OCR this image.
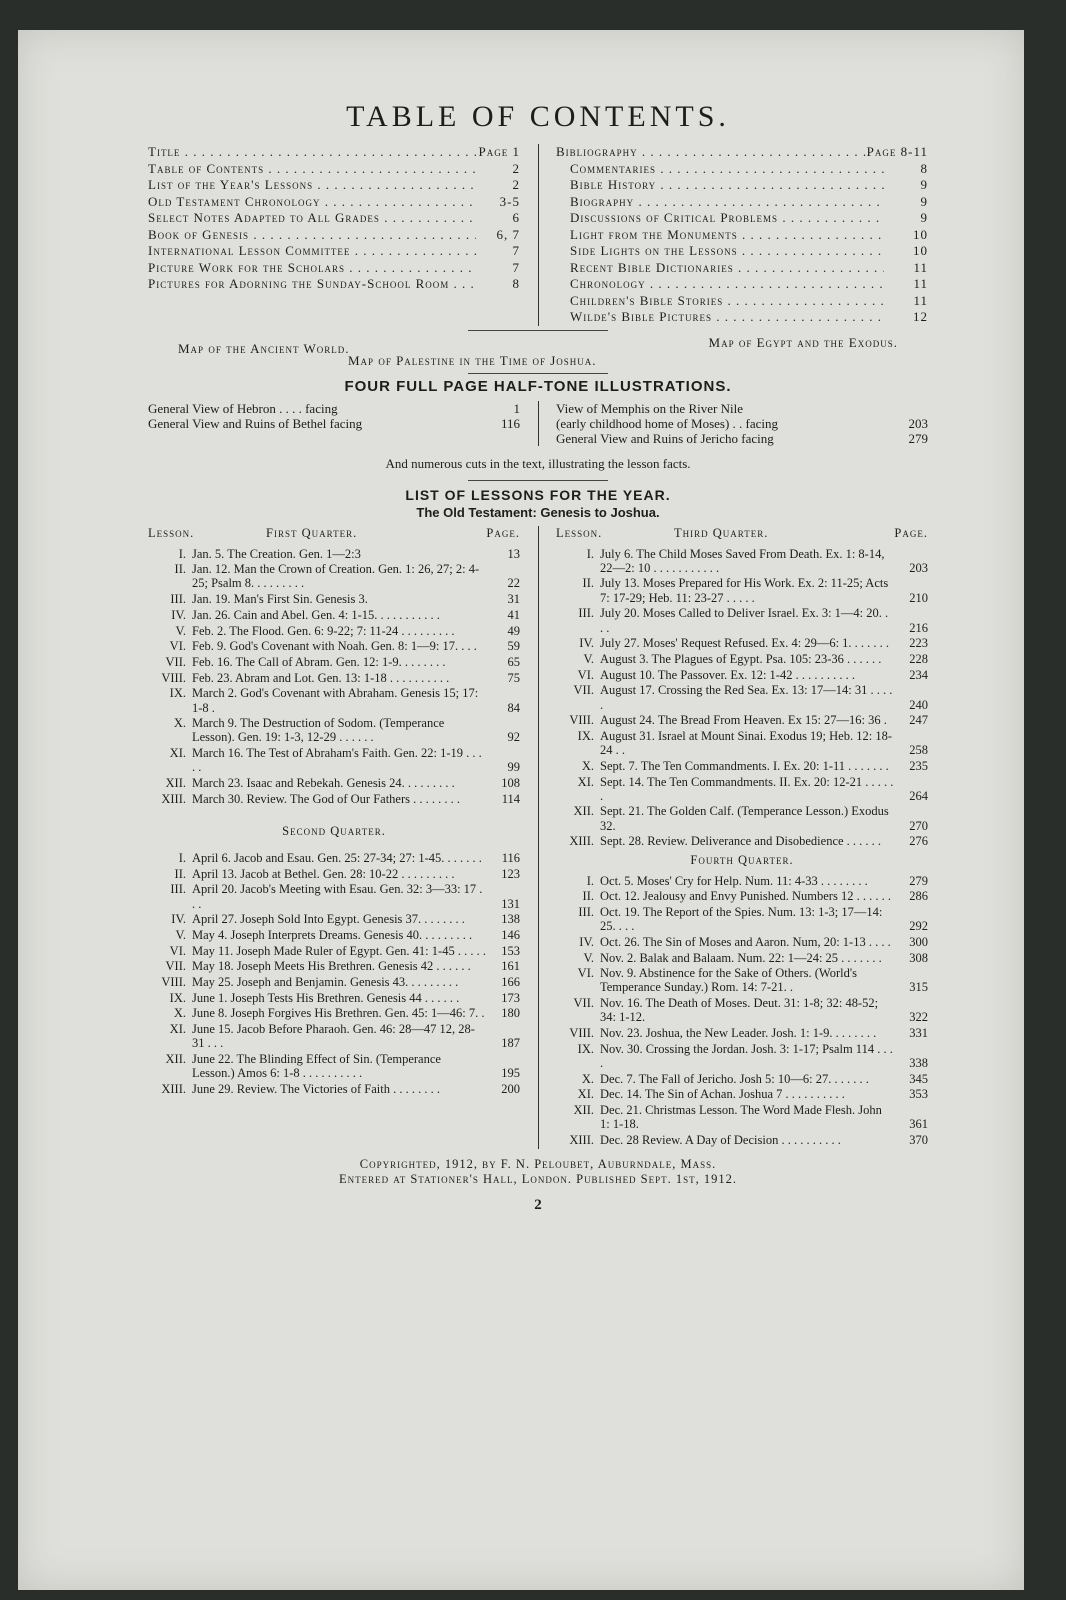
TABLE OF CONTENTS.
Title . . .	Page 1
Table of Contents . . .	2
List of the Year's Lessons . . .	2
Old Testament Chronology . . .	3-5
Select Notes Adapted to All Grades . . .	6
Book of Genesis . . .	6, 7
International Lesson Committee . . .	7
Picture Work for the Scholars . . .	7
Pictures for Adorning the Sunday-School Room . . .	8
Bibliography . . .	Page 8-11
Commentaries . . .	8
Bible History . . .	9
Biography . . .	9
Discussions of Critical Problems . . .	9
Light from the Monuments . . .	10
Side Lights on the Lessons . . .	10
Recent Bible Dictionaries . . .	11
Chronology . . .	11
Children's Bible Stories . . .	11
Wilde's Bible Pictures . . .	12
Map of the Ancient World.	Map of Egypt and the Exodus.
Map of Palestine in the Time of Joshua.
FOUR FULL PAGE HALF-TONE ILLUSTRATIONS.
General View of Hebron . . . . facing	1
General View and Ruins of Bethel facing	116
View of Memphis on the River Nile
(early childhood home of Moses) . . facing	203
General View and Ruins of Jericho facing	279
And numerous cuts in the text, illustrating the lesson facts.
LIST OF LESSONS FOR THE YEAR.
The Old Testament: Genesis to Joshua.
Lesson.	First Quarter.	Page.
I. Jan. 5. The Creation. Gen. 1—2:3	13
II. Jan. 12. Man the Crown of Creation. Gen. 1: 26, 27; 2: 4-25; Psalm 8. . . . . . . . .	22
III. Jan. 19. Man's First Sin. Genesis 3.	31
IV. Jan. 26. Cain and Abel. Gen. 4: 1-15. . . . . . . . . . .	41
V. Feb. 2. The Flood. Gen. 6: 9-22; 7: 11-24 . . . . . . . . .	49
VI. Feb. 9. God's Covenant with Noah. Gen. 8: 1—9: 17. . . .	59
VII. Feb. 16. The Call of Abram. Gen. 12: 1-9. . . . . . . .	65
VIII. Feb. 23. Abram and Lot. Gen. 13: 1-18 . . . . . . . . . .	75
IX. March 2. God's Covenant with Abraham. Genesis 15; 17: 1-8 .	84
X. March 9. The Destruction of Sodom. (Temperance Lesson). Gen. 19: 1-3, 12-29 . . . . . .	92
XI. March 16. The Test of Abraham's Faith. Gen. 22: 1-19 . . . . .	99
XII. March 23. Isaac and Rebekah. Genesis 24. . . . . . . . .	108
XIII. March 30. Review. The God of Our Fathers . . . . . . . .	114
Second Quarter.
I. April 6. Jacob and Esau. Gen. 25: 27-34; 27: 1-45. . . . . . .	116
II. April 13. Jacob at Bethel. Gen. 28: 10-22 . . . . . . . . .	123
III. April 20. Jacob's Meeting with Esau. Gen. 32: 3—33: 17 . . .	131
IV. April 27. Joseph Sold Into Egypt. Genesis 37. . . . . . . .	138
V. May 4. Joseph Interprets Dreams. Genesis 40. . . . . . . . .	146
VI. May 11. Joseph Made Ruler of Egypt. Gen. 41: 1-45 . . . . .	153
VII. May 18. Joseph Meets His Brethren. Genesis 42 . . . . . .	161
VIII. May 25. Joseph and Benjamin. Genesis 43. . . . . . . . .	166
IX. June 1. Joseph Tests His Brethren. Genesis 44 . . . . . .	173
X. June 8. Joseph Forgives His Brethren. Gen. 45: 1—46: 7. .	180
XI. June 15. Jacob Before Pharaoh. Gen. 46: 28—47 12, 28-31 . . .	187
XII. June 22. The Blinding Effect of Sin. (Temperance Lesson.) Amos 6: 1-8 . . . . . . . . . .	195
XIII. June 29. Review. The Victories of Faith . . . . . . . .	200
Lesson.	Third Quarter.	Page.
I. July 6. The Child Moses Saved From Death. Ex. 1: 8-14, 22—2: 10 . . . . . . . . . . .	203
II. July 13. Moses Prepared for His Work. Ex. 2: 11-25; Acts 7: 17-29; Heb. 11: 23-27 . . . . .	210
III. July 20. Moses Called to Deliver Israel. Ex. 3: 1—4: 20. . . .	216
IV. July 27. Moses' Request Refused. Ex. 4: 29—6: 1. . . . . . .	223
V. August 3. The Plagues of Egypt. Psa. 105: 23-36 . . . . . .	228
VI. August 10. The Passover. Ex. 12: 1-42 . . . . . . . . . .	234
VII. August 17. Crossing the Red Sea. Ex. 13: 17—14: 31 . . . . .	240
VIII. August 24. The Bread From Heaven. Ex 15: 27—16: 36 .	247
IX. August 31. Israel at Mount Sinai. Exodus 19; Heb. 12: 18-24 . .	258
X. Sept. 7. The Ten Commandments. I. Ex. 20: 1-11 . . . . . . .	235
XI. Sept. 14. The Ten Commandments. II. Ex. 20: 12-21 . . . . . .	264
XII. Sept. 21. The Golden Calf. (Temperance Lesson.) Exodus 32.	270
XIII. Sept. 28. Review. Deliverance and Disobedience . . . . . .	276
Fourth Quarter.
I. Oct. 5. Moses' Cry for Help. Num. 11: 4-33 . . . . . . . .	279
II. Oct. 12. Jealousy and Envy Punished. Numbers 12 . . . . . .	286
III. Oct. 19. The Report of the Spies. Num. 13: 1-3; 17—14: 25. . . .	292
IV. Oct. 26. The Sin of Moses and Aaron. Num, 20: 1-13 . . . .	300
V. Nov. 2. Balak and Balaam. Num. 22: 1—24: 25 . . . . . . .	308
VI. Nov. 9. Abstinence for the Sake of Others. (World's Temperance Sunday.) Rom. 14: 7-21. .	315
VII. Nov. 16. The Death of Moses. Deut. 31: 1-8; 32: 48-52; 34: 1-12.	322
VIII. Nov. 23. Joshua, the New Leader. Josh. 1: 1-9. . . . . . . .	331
IX. Nov. 30. Crossing the Jordan. Josh. 3: 1-17; Psalm 114 . . . .	338
X. Dec. 7. The Fall of Jericho. Josh 5: 10—6: 27. . . . . . .	345
XI. Dec. 14. The Sin of Achan. Joshua 7 . . . . . . . . . .	353
XII. Dec. 21. Christmas Lesson. The Word Made Flesh. John 1: 1-18.	361
XIII. Dec. 28 Review. A Day of Decision . . . . . . . . . .	370
Copyrighted, 1912, by F. N. Peloubet, Auburndale, Mass.
Entered at Stationer's Hall, London. Published Sept. 1st, 1912.
2
